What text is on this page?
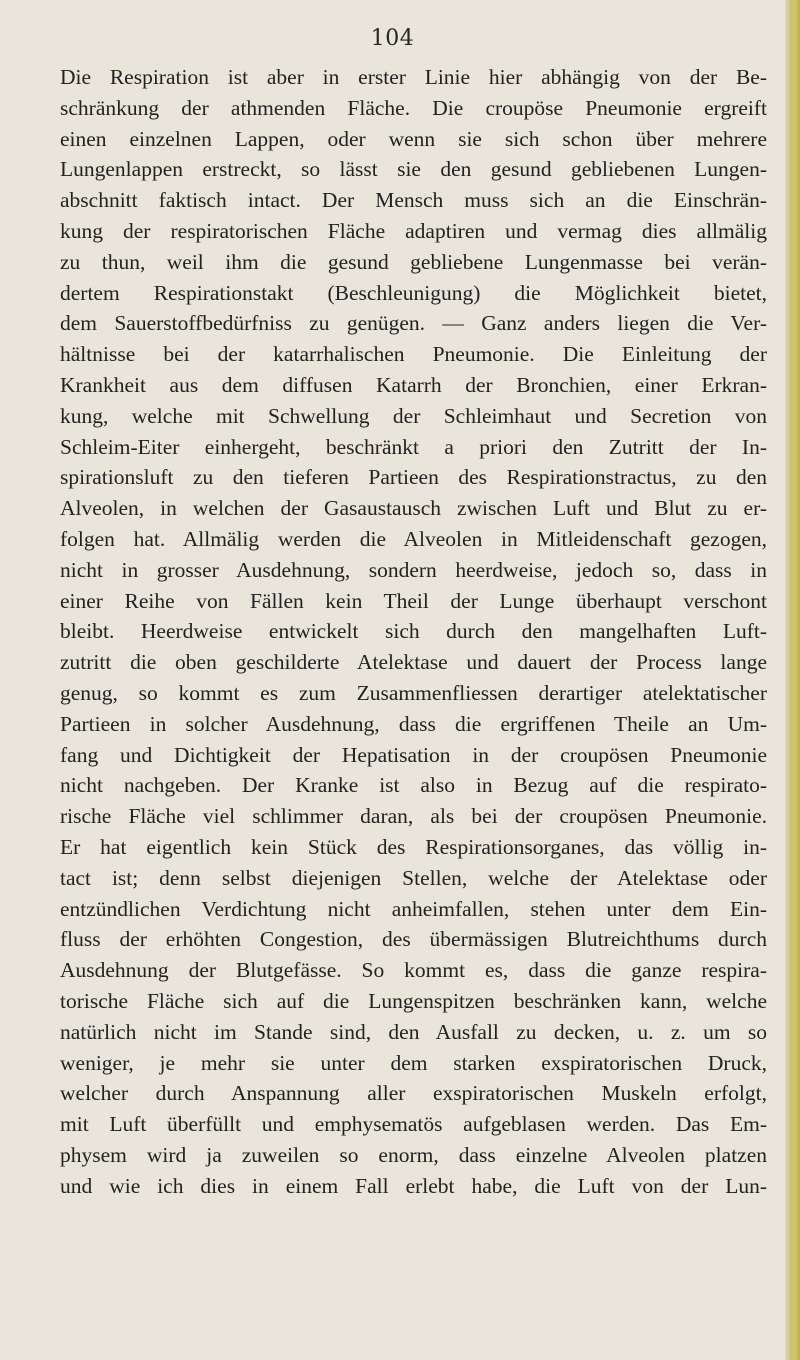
104
Die Respiration ist aber in erster Linie hier abhängig von der Be-
schränkung der athmenden Fläche. Die croupöse Pneumonie ergreift
einen einzelnen Lappen, oder wenn sie sich schon über mehrere
Lungenlappen erstreckt, so lässt sie den gesund gebliebenen Lungen-
abschnitt faktisch intact. Der Mensch muss sich an die Einschrän-
kung der respiratorischen Fläche adaptiren und vermag dies allmälig
zu thun, weil ihm die gesund gebliebene Lungenmasse bei verän-
dertem Respirationstakt (Beschleunigung) die Möglichkeit bietet,
dem Sauerstoffbedürfniss zu genügen. — Ganz anders liegen die Ver-
hältnisse bei der katarrhalischen Pneumonie. Die Einleitung der
Krankheit aus dem diffusen Katarrh der Bronchien, einer Erkran-
kung, welche mit Schwellung der Schleimhaut und Secretion von
Schleim-Eiter einhergeht, beschränkt a priori den Zutritt der In-
spirationsluft zu den tieferen Partieen des Respirationstractus, zu den
Alveolen, in welchen der Gasaustausch zwischen Luft und Blut zu er-
folgen hat. Allmälig werden die Alveolen in Mitleidenschaft gezogen,
nicht in grosser Ausdehnung, sondern heerdweise, jedoch so, dass in
einer Reihe von Fällen kein Theil der Lunge überhaupt verschont
bleibt. Heerdweise entwickelt sich durch den mangelhaften Luft-
zutritt die oben geschilderte Atelektase und dauert der Process lange
genug, so kommt es zum Zusammenfliessen derartiger atelektatischer
Partieen in solcher Ausdehnung, dass die ergriffenen Theile an Um-
fang und Dichtigkeit der Hepatisation in der croupösen Pneumonie
nicht nachgeben. Der Kranke ist also in Bezug auf die respirato-
rische Fläche viel schlimmer daran, als bei der croupösen Pneumonie.
Er hat eigentlich kein Stück des Respirationsorganes, das völlig in-
tact ist; denn selbst diejenigen Stellen, welche der Atelektase oder
entzündlichen Verdichtung nicht anheimfallen, stehen unter dem Ein-
fluss der erhöhten Congestion, des übermässigen Blutreichthums durch
Ausdehnung der Blutgefässe. So kommt es, dass die ganze respira-
torische Fläche sich auf die Lungenspitzen beschränken kann, welche
natürlich nicht im Stande sind, den Ausfall zu decken, u. z. um so
weniger, je mehr sie unter dem starken exspiratorischen Druck,
welcher durch Anspannung aller exspiratorischen Muskeln erfolgt,
mit Luft überfüllt und emphysematös aufgeblasen werden. Das Em-
physem wird ja zuweilen so enorm, dass einzelne Alveolen platzen
und wie ich dies in einem Fall erlebt habe, die Luft von der Lun-
